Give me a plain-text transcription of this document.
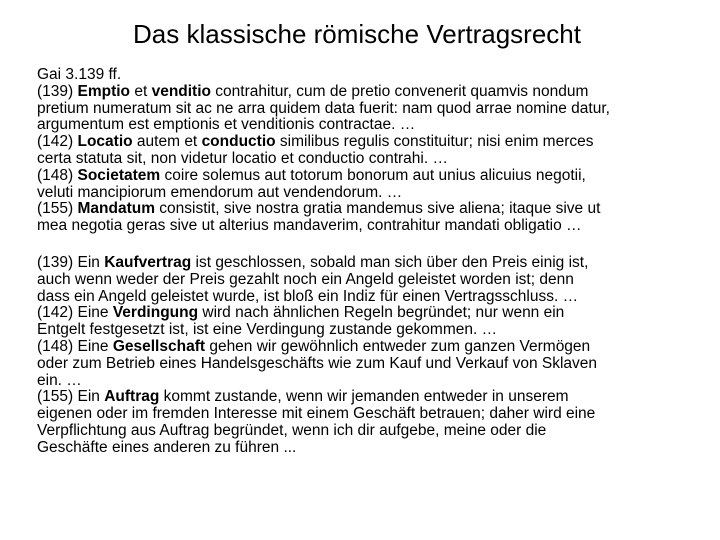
Das klassische römische Vertragsrecht
Gai 3.139 ff.
(139) Emptio et venditio contrahitur, cum de pretio convenerit quamvis nondum
pretium numeratum sit ac ne arra quidem data fuerit: nam quod arrae nomine datur,
argumentum est emptionis et venditionis contractae. …
(142) Locatio autem et conductio similibus regulis constituitur; nisi enim merces
certa statuta sit, non videtur locatio et conductio contrahi. …
(148) Societatem coire solemus aut totorum bonorum aut unius alicuius negotii,
veluti mancipiorum emendorum aut vendendorum. …
(155) Mandatum consistit, sive nostra gratia mandemus sive aliena; itaque sive ut
mea negotia geras sive ut alterius mandaverim, contrahitur mandati obligatio …
(139) Ein Kaufvertrag ist geschlossen, sobald man sich über den Preis einig ist,
auch wenn weder der Preis gezahlt noch ein Angeld geleistet worden ist; denn
dass ein Angeld geleistet wurde, ist bloß ein Indiz für einen Vertragsschluss. …
(142) Eine Verdingung wird nach ähnlichen Regeln begründet; nur wenn ein
Entgelt festgesetzt ist, ist eine Verdingung zustande gekommen. …
(148) Eine Gesellschaft gehen wir gewöhnlich entweder zum ganzen Vermögen
oder zum Betrieb eines Handelsgeschäfts wie zum Kauf und Verkauf von Sklaven
ein. …
(155) Ein Auftrag kommt zustande, wenn wir jemanden entweder in unserem
eigenen oder im fremden Interesse mit einem Geschäft betrauen; daher wird eine
Verpflichtung aus Auftrag begründet, wenn ich dir aufgebe, meine oder die
Geschäfte eines anderen zu führen ...
